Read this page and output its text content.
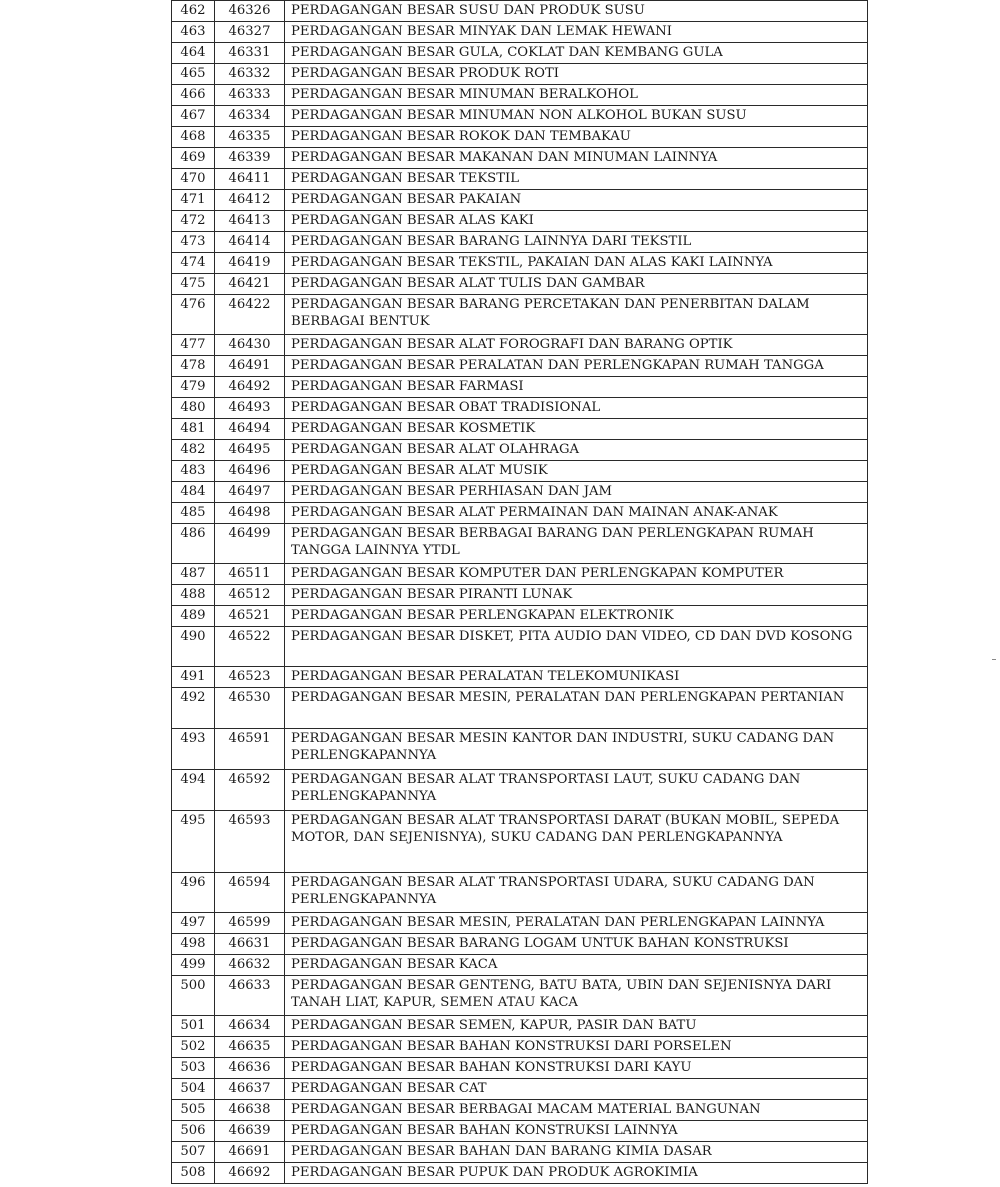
462	46326	PERDAGANGAN BESAR SUSU DAN PRODUK SUSU
463	46327	PERDAGANGAN BESAR MINYAK DAN LEMAK HEWANI
464	46331	PERDAGANGAN BESAR GULA, COKLAT DAN KEMBANG GULA
465	46332	PERDAGANGAN BESAR PRODUK ROTI
466	46333	PERDAGANGAN BESAR MINUMAN BERALKOHOL
467	46334	PERDAGANGAN BESAR MINUMAN NON ALKOHOL BUKAN SUSU
468	46335	PERDAGANGAN BESAR ROKOK DAN TEMBAKAU
469	46339	PERDAGANGAN BESAR MAKANAN DAN MINUMAN LAINNYA
470	46411	PERDAGANGAN BESAR TEKSTIL
471	46412	PERDAGANGAN BESAR PAKAIAN
472	46413	PERDAGANGAN BESAR ALAS KAKI
473	46414	PERDAGANGAN BESAR BARANG LAINNYA DARI TEKSTIL
474	46419	PERDAGANGAN BESAR TEKSTIL, PAKAIAN DAN ALAS KAKI LAINNYA
475	46421	PERDAGANGAN BESAR ALAT TULIS DAN GAMBAR
476	46422	PERDAGANGAN BESAR BARANG PERCETAKAN DAN PENERBITAN DALAM BERBAGAI BENTUK
477	46430	PERDAGANGAN BESAR ALAT FOROGRAFI DAN BARANG OPTIK
478	46491	PERDAGANGAN BESAR PERALATAN DAN PERLENGKAPAN RUMAH TANGGA
479	46492	PERDAGANGAN BESAR FARMASI
480	46493	PERDAGANGAN BESAR OBAT TRADISIONAL
481	46494	PERDAGANGAN BESAR KOSMETIK
482	46495	PERDAGANGAN BESAR ALAT OLAHRAGA
483	46496	PERDAGANGAN BESAR ALAT MUSIK
484	46497	PERDAGANGAN BESAR PERHIASAN DAN JAM
485	46498	PERDAGANGAN BESAR ALAT PERMAINAN DAN MAINAN ANAK-ANAK
486	46499	PERDAGANGAN BESAR BERBAGAI BARANG DAN PERLENGKAPAN RUMAH TANGGA LAINNYA YTDL
487	46511	PERDAGANGAN BESAR KOMPUTER DAN PERLENGKAPAN KOMPUTER
488	46512	PERDAGANGAN BESAR PIRANTI LUNAK
489	46521	PERDAGANGAN BESAR PERLENGKAPAN ELEKTRONIK
490	46522	PERDAGANGAN BESAR DISKET, PITA AUDIO DAN VIDEO, CD DAN DVD KOSONG
491	46523	PERDAGANGAN BESAR PERALATAN TELEKOMUNIKASI
492	46530	PERDAGANGAN BESAR MESIN, PERALATAN DAN PERLENGKAPAN PERTANIAN
493	46591	PERDAGANGAN BESAR MESIN KANTOR DAN INDUSTRI, SUKU CADANG DAN PERLENGKAPANNYA
494	46592	PERDAGANGAN BESAR ALAT TRANSPORTASI LAUT, SUKU CADANG DAN PERLENGKAPANNYA
495	46593	PERDAGANGAN BESAR ALAT TRANSPORTASI DARAT (BUKAN MOBIL, SEPEDA MOTOR, DAN SEJENISNYA), SUKU CADANG DAN PERLENGKAPANNYA
496	46594	PERDAGANGAN BESAR ALAT TRANSPORTASI UDARA, SUKU CADANG DAN PERLENGKAPANNYA
497	46599	PERDAGANGAN BESAR MESIN, PERALATAN DAN PERLENGKAPAN LAINNYA
498	46631	PERDAGANGAN BESAR BARANG LOGAM UNTUK BAHAN KONSTRUKSI
499	46632	PERDAGANGAN BESAR KACA
500	46633	PERDAGANGAN BESAR GENTENG, BATU BATA, UBIN DAN SEJENISNYA DARI TANAH LIAT, KAPUR, SEMEN ATAU KACA
501	46634	PERDAGANGAN BESAR SEMEN, KAPUR, PASIR DAN BATU
502	46635	PERDAGANGAN BESAR BAHAN KONSTRUKSI DARI PORSELEN
503	46636	PERDAGANGAN BESAR BAHAN KONSTRUKSI DARI KAYU
504	46637	PERDAGANGAN BESAR CAT
505	46638	PERDAGANGAN BESAR BERBAGAI MACAM MATERIAL BANGUNAN
506	46639	PERDAGANGAN BESAR BAHAN KONSTRUKSI LAINNYA
507	46691	PERDAGANGAN BESAR BAHAN DAN BARANG KIMIA DASAR
508	46692	PERDAGANGAN BESAR PUPUK DAN PRODUK AGROKIMIA
